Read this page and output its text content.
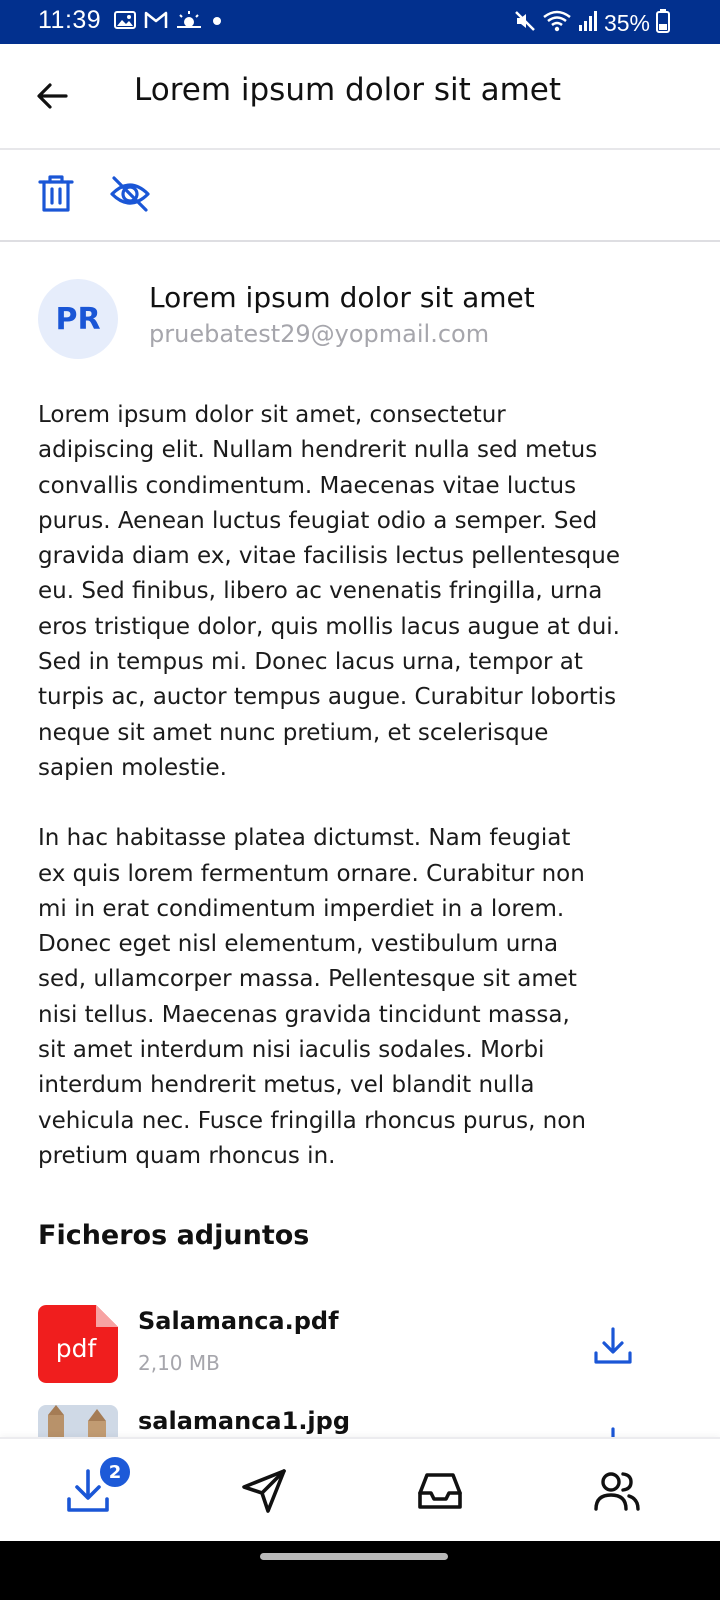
11:39	35%
Lorem ipsum dolor sit amet
PR
Lorem ipsum dolor sit amet
pruebatest29@yopmail.com

Lorem ipsum dolor sit amet, consectetur
adipiscing elit. Nullam hendrerit nulla sed metus
convallis condimentum. Maecenas vitae luctus
purus. Aenean luctus feugiat odio a semper. Sed
gravida diam ex, vitae facilisis lectus pellentesque
eu. Sed finibus, libero ac venenatis fringilla, urna
eros tristique dolor, quis mollis lacus augue at dui.
Sed in tempus mi. Donec lacus urna, tempor at
turpis ac, auctor tempus augue. Curabitur lobortis
neque sit amet nunc pretium, et scelerisque
sapien molestie.

In hac habitasse platea dictumst. Nam feugiat
ex quis lorem fermentum ornare. Curabitur non
mi in erat condimentum imperdiet in a lorem.
Donec eget nisl elementum, vestibulum urna
sed, ullamcorper massa. Pellentesque sit amet
nisi tellus. Maecenas gravida tincidunt massa,
sit amet interdum nisi iaculis sodales. Morbi
interdum hendrerit metus, vel blandit nulla
vehicula nec. Fusce fringilla rhoncus purus, non
pretium quam rhoncus in.

Ficheros adjuntos
pdf
Salamanca.pdf
2,10 MB
salamanca1.jpg
2
